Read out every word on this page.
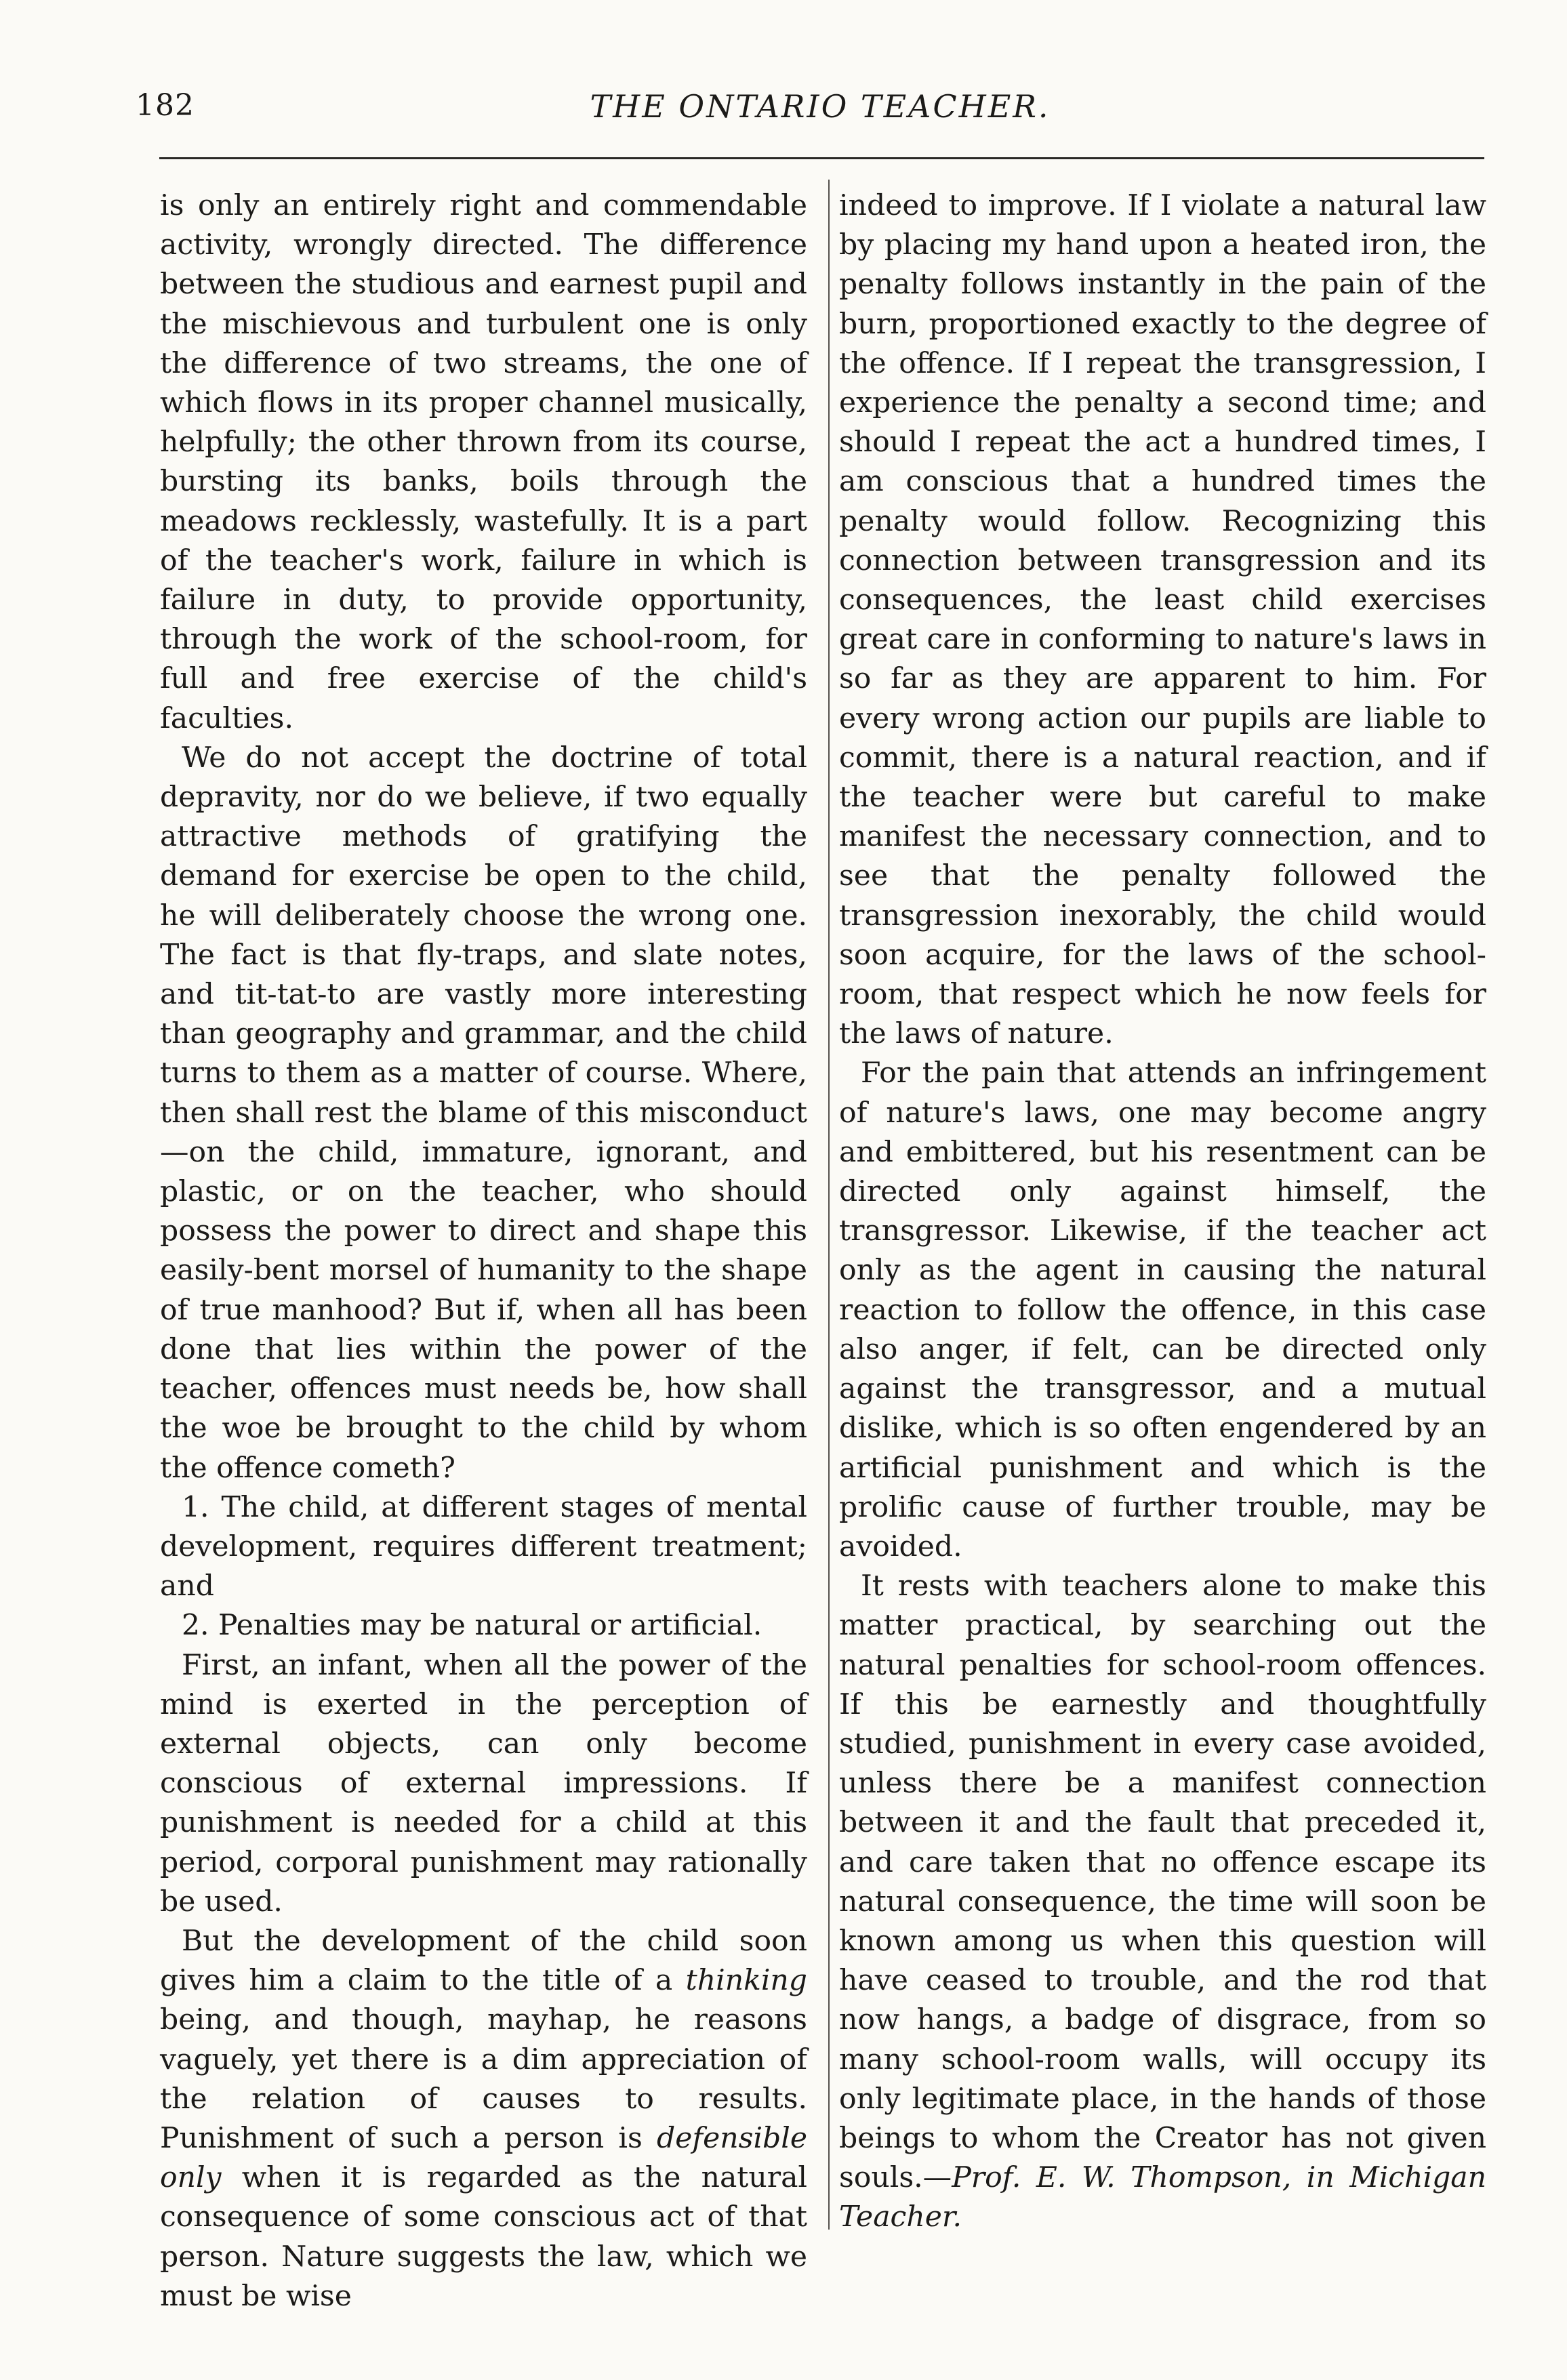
182	THE ONTARIO TEACHER.

is only an entirely right and commendable activity, wrongly directed. The difference between the studious and earnest pupil and the mischievous and turbulent one is only the difference of two streams, the one of which flows in its proper channel musically, helpfully; the other thrown from its course, bursting its banks, boils through the meadows recklessly, wastefully. It is a part of the teacher's work, failure in which is failure in duty, to provide opportunity, through the work of the school-room, for full and free exercise of the child's faculties.

We do not accept the doctrine of total depravity, nor do we believe, if two equally attractive methods of gratifying the demand for exercise be open to the child, he will deliberately choose the wrong one. The fact is that fly-traps, and slate notes, and tit-tat-to are vastly more interesting than geography and grammar, and the child turns to them as a matter of course. Where, then shall rest the blame of this misconduct—on the child, immature, ignorant, and plastic, or on the teacher, who should possess the power to direct and shape this easily-bent morsel of humanity to the shape of true manhood? But if, when all has been done that lies within the power of the teacher, offences must needs be, how shall the woe be brought to the child by whom the offence cometh?

1. The child, at different stages of mental development, requires different treatment; and

2. Penalties may be natural or artificial.

First, an infant, when all the power of the mind is exerted in the perception of external objects, can only become conscious of external impressions. If punishment is needed for a child at this period, corporal punishment may rationally be used.

But the development of the child soon gives him a claim to the title of a thinking being, and though, mayhap, he reasons vaguely, yet there is a dim appreciation of the relation of causes to results. Punishment of such a person is defensible only when it is regarded as the natural consequence of some conscious act of that person. Nature suggests the law, which we must be wise

indeed to improve. If I violate a natural law by placing my hand upon a heated iron, the penalty follows instantly in the pain of the burn, proportioned exactly to the degree of the offence. If I repeat the transgression, I experience the penalty a second time; and should I repeat the act a hundred times, I am conscious that a hundred times the penalty would follow. Recognizing this connection between transgression and its consequences, the least child exercises great care in conforming to nature's laws in so far as they are apparent to him. For every wrong action our pupils are liable to commit, there is a natural reaction, and if the teacher were but careful to make manifest the necessary connection, and to see that the penalty followed the transgression inexorably, the child would soon acquire, for the laws of the school-room, that respect which he now feels for the laws of nature.

For the pain that attends an infringement of nature's laws, one may become angry and embittered, but his resentment can be directed only against himself, the transgressor. Likewise, if the teacher act only as the agent in causing the natural reaction to follow the offence, in this case also anger, if felt, can be directed only against the transgressor, and a mutual dislike, which is so often engendered by an artificial punishment and which is the prolific cause of further trouble, may be avoided.

It rests with teachers alone to make this matter practical, by searching out the natural penalties for school-room offences. If this be earnestly and thoughtfully studied, punishment in every case avoided, unless there be a manifest connection between it and the fault that preceded it, and care taken that no offence escape its natural consequence, the time will soon be known among us when this question will have ceased to trouble, and the rod that now hangs, a badge of disgrace, from so many school-room walls, will occupy its only legitimate place, in the hands of those beings to whom the Creator has not given souls.—Prof. E. W. Thompson, in Michigan Teacher.
